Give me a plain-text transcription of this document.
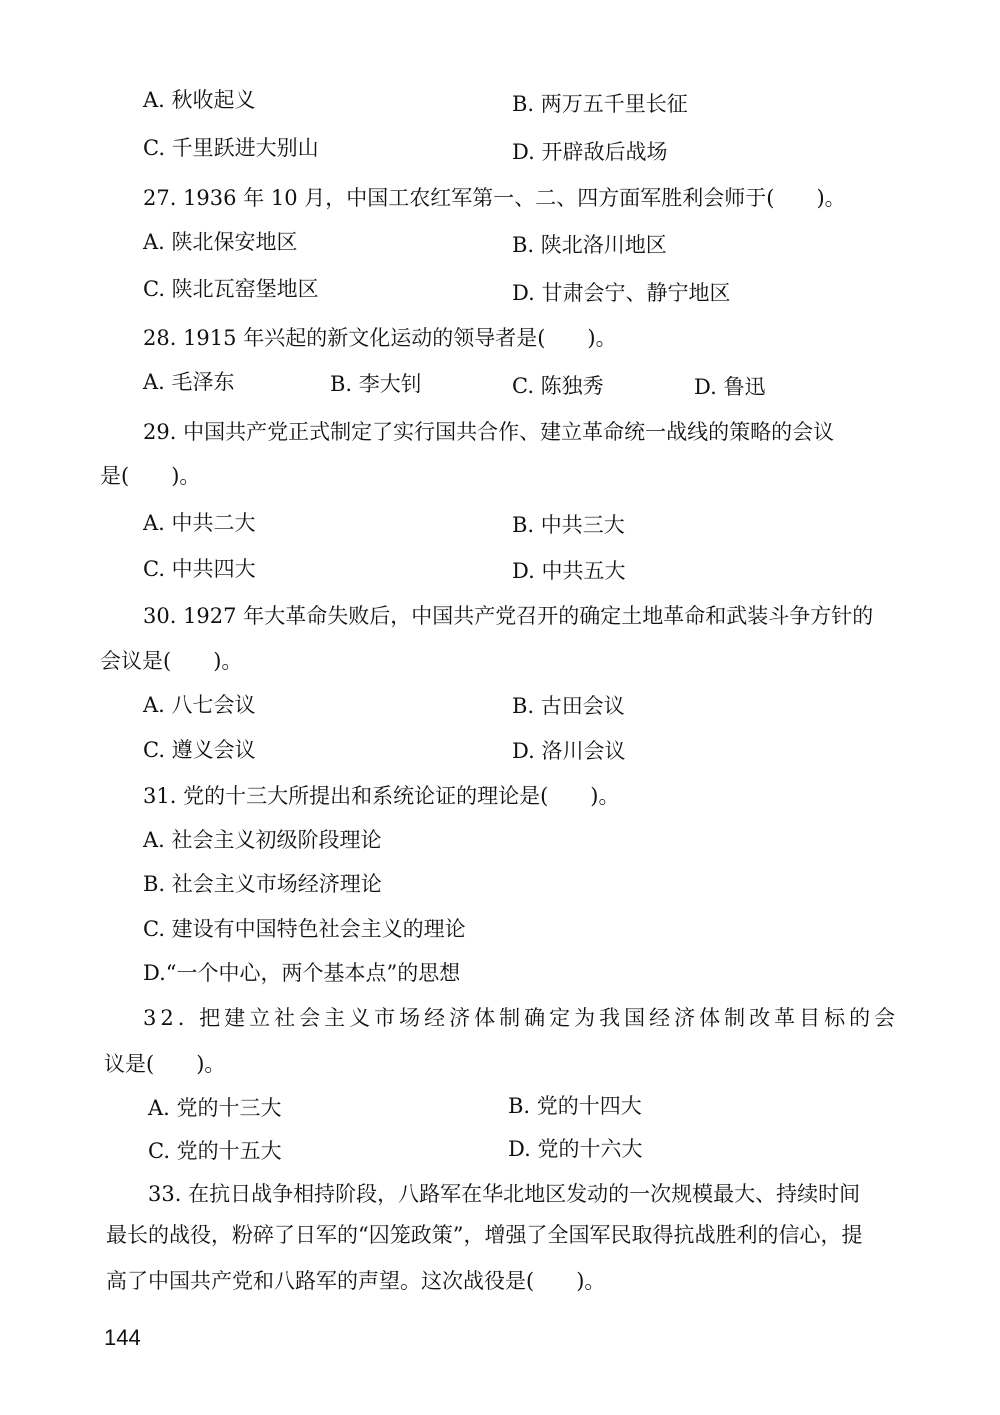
A. 秋收起义	B. 两万五千里长征
C. 千里跃进大别山	D. 开辟敌后战场
27. 1936 年 10 月，中国工农红军第一、二、四方面军胜利会师于(　　)。
A. 陕北保安地区	B. 陕北洛川地区
C. 陕北瓦窑堡地区	D. 甘肃会宁、静宁地区
28. 1915 年兴起的新文化运动的领导者是(　　)。
A. 毛泽东	B. 李大钊	C. 陈独秀	D. 鲁迅
29. 中国共产党正式制定了实行国共合作、建立革命统一战线的策略的会议
是(　　)。
A. 中共二大	B. 中共三大
C. 中共四大	D. 中共五大
30. 1927 年大革命失败后，中国共产党召开的确定土地革命和武装斗争方针的
会议是(　　)。
A. 八七会议	B. 古田会议
C. 遵义会议	D. 洛川会议
31. 党的十三大所提出和系统论证的理论是(　　)。
A. 社会主义初级阶段理论
B. 社会主义市场经济理论
C. 建设有中国特色社会主义的理论
D.“一个中心，两个基本点”的思想
32. 把建立社会主义市场经济体制确定为我国经济体制改革目标的会
议是(　　)。
A. 党的十三大	B. 党的十四大
C. 党的十五大	D. 党的十六大
33. 在抗日战争相持阶段，八路军在华北地区发动的一次规模最大、持续时间
最长的战役，粉碎了日军的“囚笼政策”，增强了全国军民取得抗战胜利的信心，提
高了中国共产党和八路军的声望。这次战役是(　　)。
144
